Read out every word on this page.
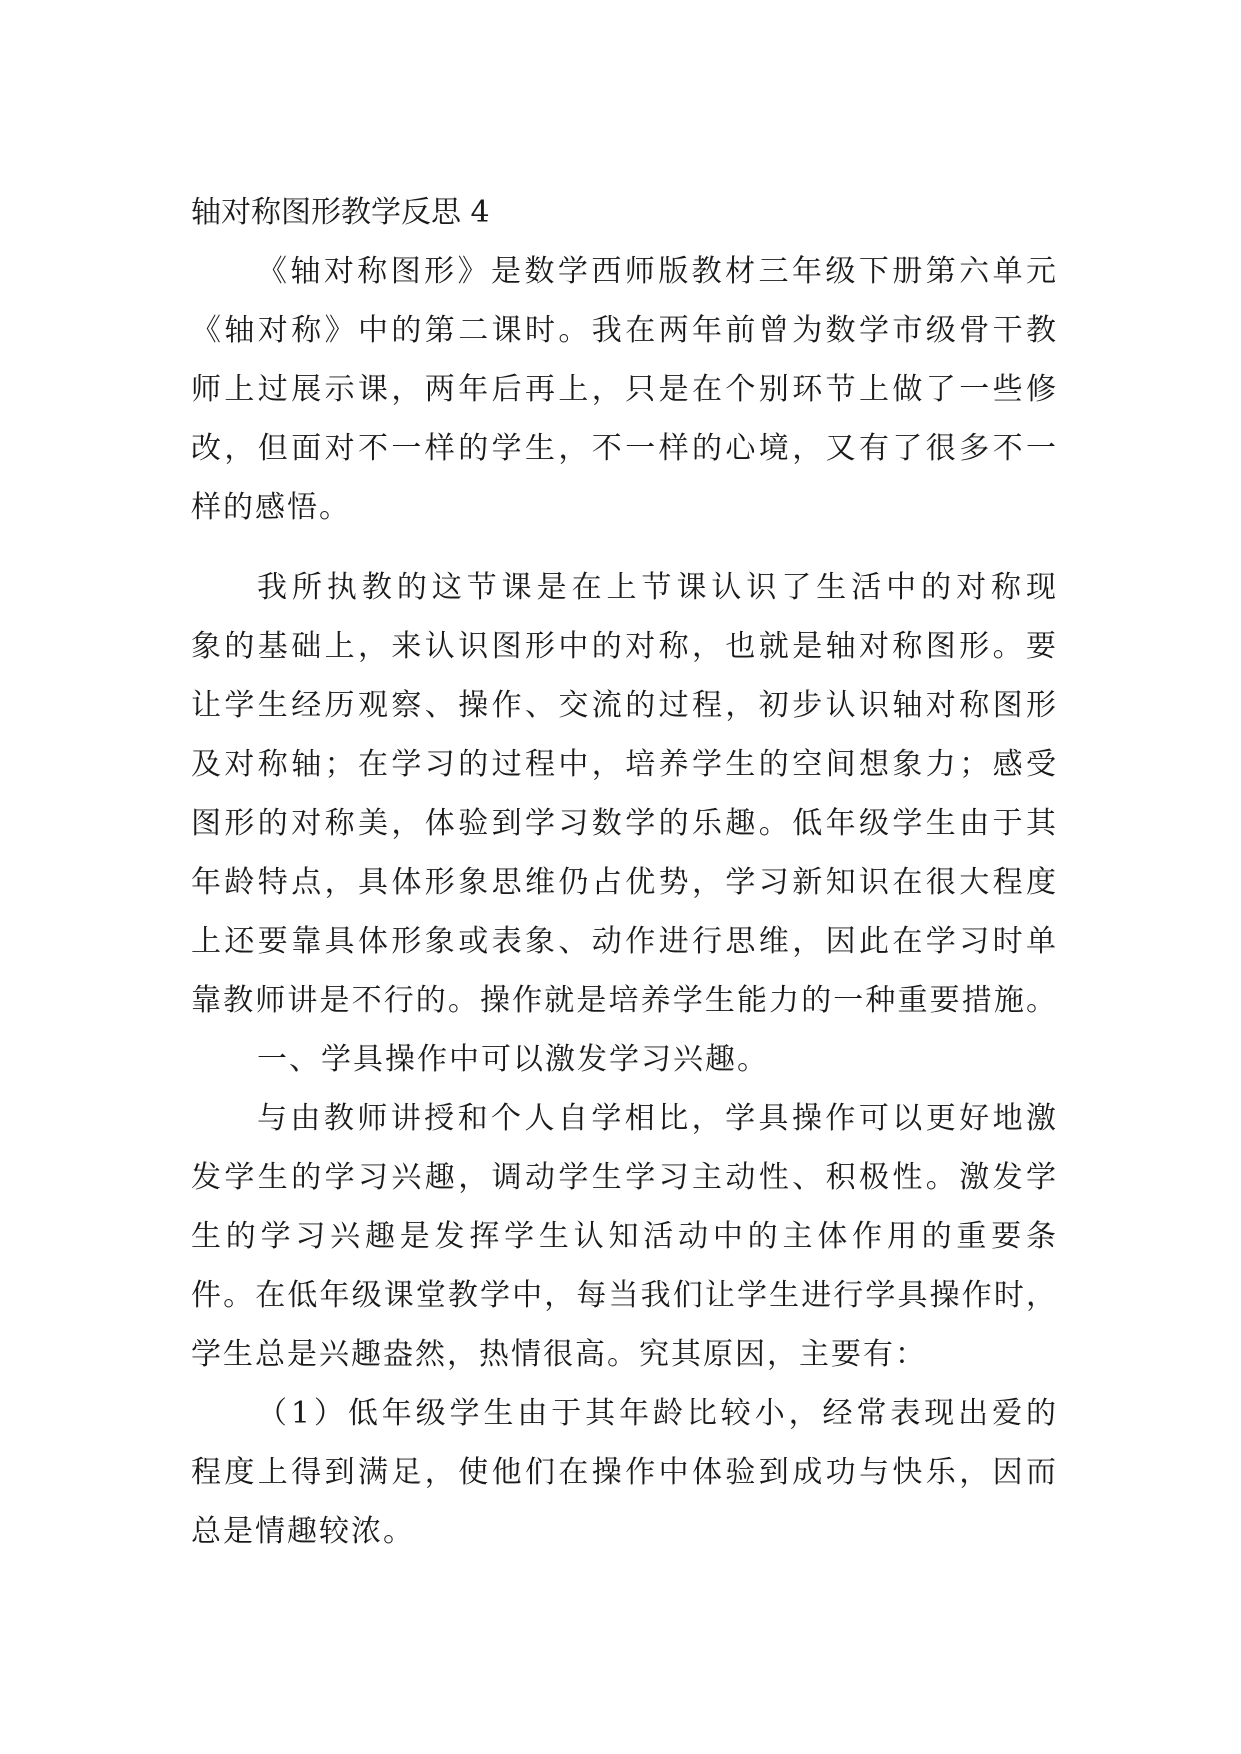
轴对称图形教学反思 4
《轴对称图形》是数学西师版教材三年级下册第六单元
《轴对称》中的第二课时。我在两年前曾为数学市级骨干教
师上过展示课，两年后再上，只是在个别环节上做了一些修
改，但面对不一样的学生，不一样的心境，又有了很多不一
样的感悟。
我所执教的这节课是在上节课认识了生活中的对称现
象的基础上，来认识图形中的对称，也就是轴对称图形。要
让学生经历观察、操作、交流的过程，初步认识轴对称图形
及对称轴；在学习的过程中，培养学生的空间想象力；感受
图形的对称美，体验到学习数学的乐趣。低年级学生由于其
年龄特点，具体形象思维仍占优势，学习新知识在很大程度
上还要靠具体形象或表象、动作进行思维，因此在学习时单
靠教师讲是不行的。操作就是培养学生能力的一种重要措施。
一、学具操作中可以激发学习兴趣。
与由教师讲授和个人自学相比，学具操作可以更好地激
发学生的学习兴趣，调动学生学习主动性、积极性。激发学
生的学习兴趣是发挥学生认知活动中的主体作用的重要条
件。在低年级课堂教学中，每当我们让学生进行学具操作时，
学生总是兴趣盎然，热情很高。究其原因，主要有：
（1）低年级学生由于其年龄比较小，经常表现出爱的
程度上得到满足，使他们在操作中体验到成功与快乐，因而
总是情趣较浓。
